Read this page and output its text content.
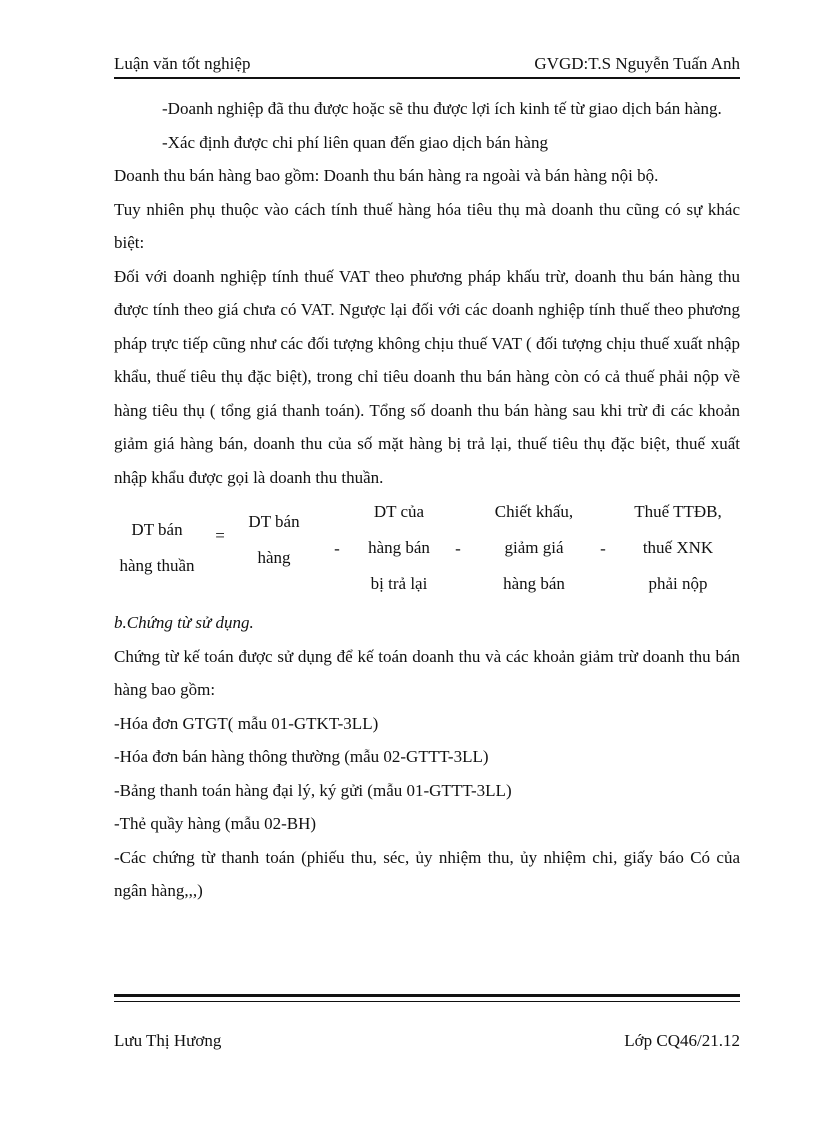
Luận văn tốt nghiệp	GVGD:T.S Nguyễn Tuấn Anh

-Doanh nghiệp đã thu được hoặc sẽ thu được lợi ích kinh tế từ giao dịch bán hàng.

-Xác định được chi phí liên quan đến giao dịch bán hàng

Doanh thu bán hàng bao gồm: Doanh thu bán hàng ra ngoài và bán hàng nội bộ.

Tuy nhiên phụ thuộc vào cách tính thuế hàng hóa tiêu thụ mà doanh thu cũng có sự khác biệt:

Đối với doanh nghiệp tính thuế VAT theo phương pháp khấu trừ, doanh thu bán hàng thu được tính theo giá chưa có VAT. Ngược lại đối với các doanh nghiệp tính thuế theo phương pháp trực tiếp cũng như các đối tượng không chịu thuế VAT ( đối tượng chịu thuế xuất nhập khẩu, thuế tiêu thụ đặc biệt), trong chỉ tiêu doanh thu bán hàng còn có cả thuế phải nộp về hàng tiêu thụ ( tổng giá thanh toán). Tổng số doanh thu bán hàng sau khi trừ đi các khoản giảm giá hàng bán, doanh thu của số mặt hàng bị trả lại, thuế tiêu thụ đặc biệt, thuế xuất nhập khẩu được gọi là doanh thu thuần.

DT bán
hàng thuần
=
DT bán
hàng	-
DT của
hàng bán
bị trả lại
-
Chiết khấu,
giảm giá
hàng bán
-
Thuế TTĐB,
thuế XNK
phải nộp

b.Chứng từ sử dụng.

Chứng từ kế toán được sử dụng để kế toán doanh thu và các khoản giảm trừ doanh thu bán hàng bao gồm:

-Hóa đơn GTGT( mẫu 01-GTKT-3LL)

-Hóa đơn bán hàng thông thường (mẫu 02-GTTT-3LL)

-Bảng thanh toán hàng đại lý, ký gửi (mẫu 01-GTTT-3LL)

-Thẻ quầy hàng (mẫu 02-BH)

-Các chứng từ thanh toán (phiếu thu, séc, ủy nhiệm thu, ủy nhiệm chi, giấy báo Có của ngân hàng,,,)

Lưu Thị Hương	Lớp CQ46/21.12
